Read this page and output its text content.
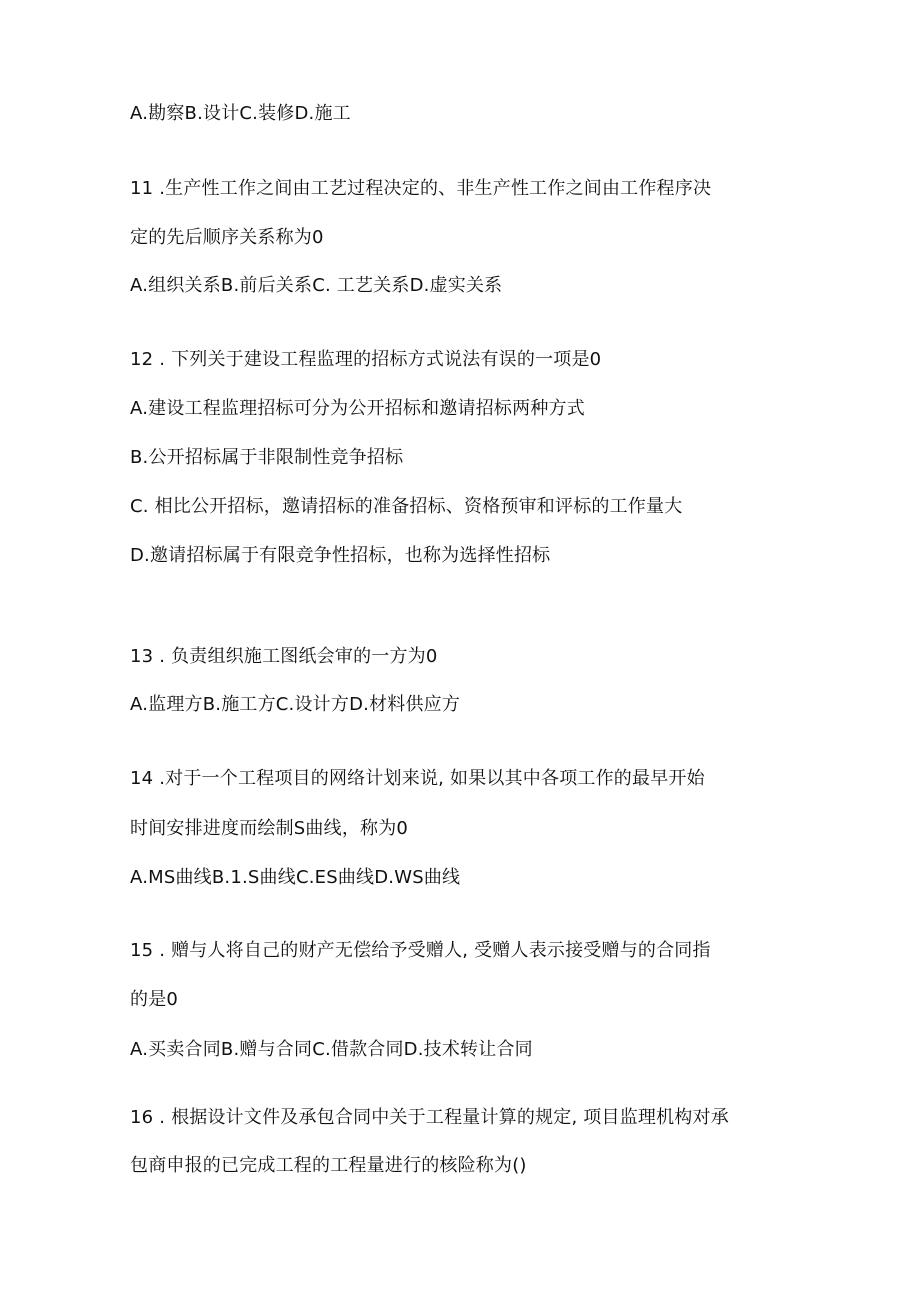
A.勘察B.设计C.装修D.施工
11 .生产性工作之间由工艺过程决定的、非生产性工作之间由工作程序决
定的先后顺序关系称为0
A.组织关系B.前后关系C. 工艺关系D.虚实关系
12 . 下列关于建设工程监理的招标方式说法有误的一项是0
A.建设工程监理招标可分为公开招标和邀请招标两种方式
B.公开招标属于非限制性竞争招标
C. 相比公开招标，邀请招标的准备招标、资格预审和评标的工作量大
D.邀请招标属于有限竞争性招标，也称为选择性招标
13 . 负责组织施工图纸会审的一方为0
A.监理方B.施工方C.设计方D.材料供应方
14 .对于一个工程项目的网络计划来说, 如果以其中各项工作的最早开始
时间安排进度而绘制S曲线，称为0
A.MS曲线B.1.S曲线C.ES曲线D.WS曲线
15 . 赠与人将自己的财产无偿给予受赠人, 受赠人表示接受赠与的合同指
的是0
A.买卖合同B.赠与合同C.借款合同D.技术转让合同
16 . 根据设计文件及承包合同中关于工程量计算的规定, 项目监理机构对承
包商申报的已完成工程的工程量进行的核险称为()
